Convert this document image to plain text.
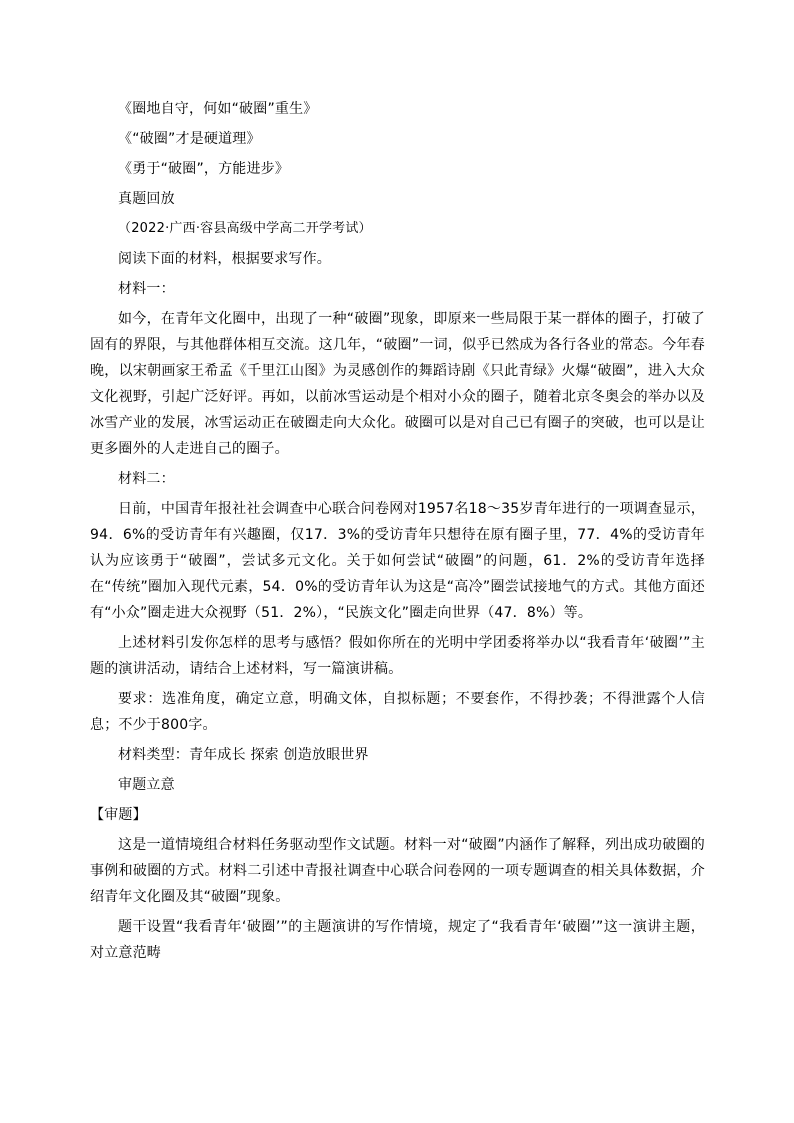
《圈地自守，何如“破圈”重生》

《“破圈”才是硬道理》

《勇于“破圈”，方能进步》

真题回放

（2022·广西·容县高级中学高二开学考试）

阅读下面的材料，根据要求写作。

材料一：

如今，在青年文化圈中，出现了一种“破圈”现象，即原来一些局限于某一群体的圈子，打破了固有的界限，与其他群体相互交流。这几年，“破圈”一词，似乎已然成为各行各业的常态。今年春晚，以宋朝画家王希孟《千里江山图》为灵感创作的舞蹈诗剧《只此青绿》火爆“破圈”，进入大众文化视野，引起广泛好评。再如，以前冰雪运动是个相对小众的圈子，随着北京冬奥会的举办以及冰雪产业的发展，冰雪运动正在破圈走向大众化。破圈可以是对自己已有圈子的突破，也可以是让更多圈外的人走进自己的圈子。

材料二：

日前，中国青年报社社会调查中心联合问卷网对1957名18～35岁青年进行的一项调查显示，94．6%的受访青年有兴趣圈，仅17．3%的受访青年只想待在原有圈子里，77．4%的受访青年认为应该勇于“破圈”，尝试多元文化。关于如何尝试“破圈”的问题，61．2%的受访青年选择在“传统”圈加入现代元素，54．0%的受访青年认为这是“高冷”圈尝试接地气的方式。其他方面还有“小众”圈走进大众视野（51．2%），“民族文化”圈走向世界（47．8%）等。

上述材料引发你怎样的思考与感悟？假如你所在的光明中学团委将举办以“我看青年‘破圈’”主题的演讲活动，请结合上述材料，写一篇演讲稿。

要求：选准角度，确定立意，明确文体，自拟标题；不要套作，不得抄袭；不得泄露个人信息；不少于800字。

材料类型：青年成长 探索 创造放眼世界

审题立意

【审题】

这是一道情境组合材料任务驱动型作文试题。材料一对“破圈”内涵作了解释，列出成功破圈的事例和破圈的方式。材料二引述中青报社调查中心联合问卷网的一项专题调查的相关具体数据，介绍青年文化圈及其“破圈”现象。

题干设置“我看青年‘破圈’”的主题演讲的写作情境，规定了“我看青年‘破圈’”这一演讲主题，对立意范畴
